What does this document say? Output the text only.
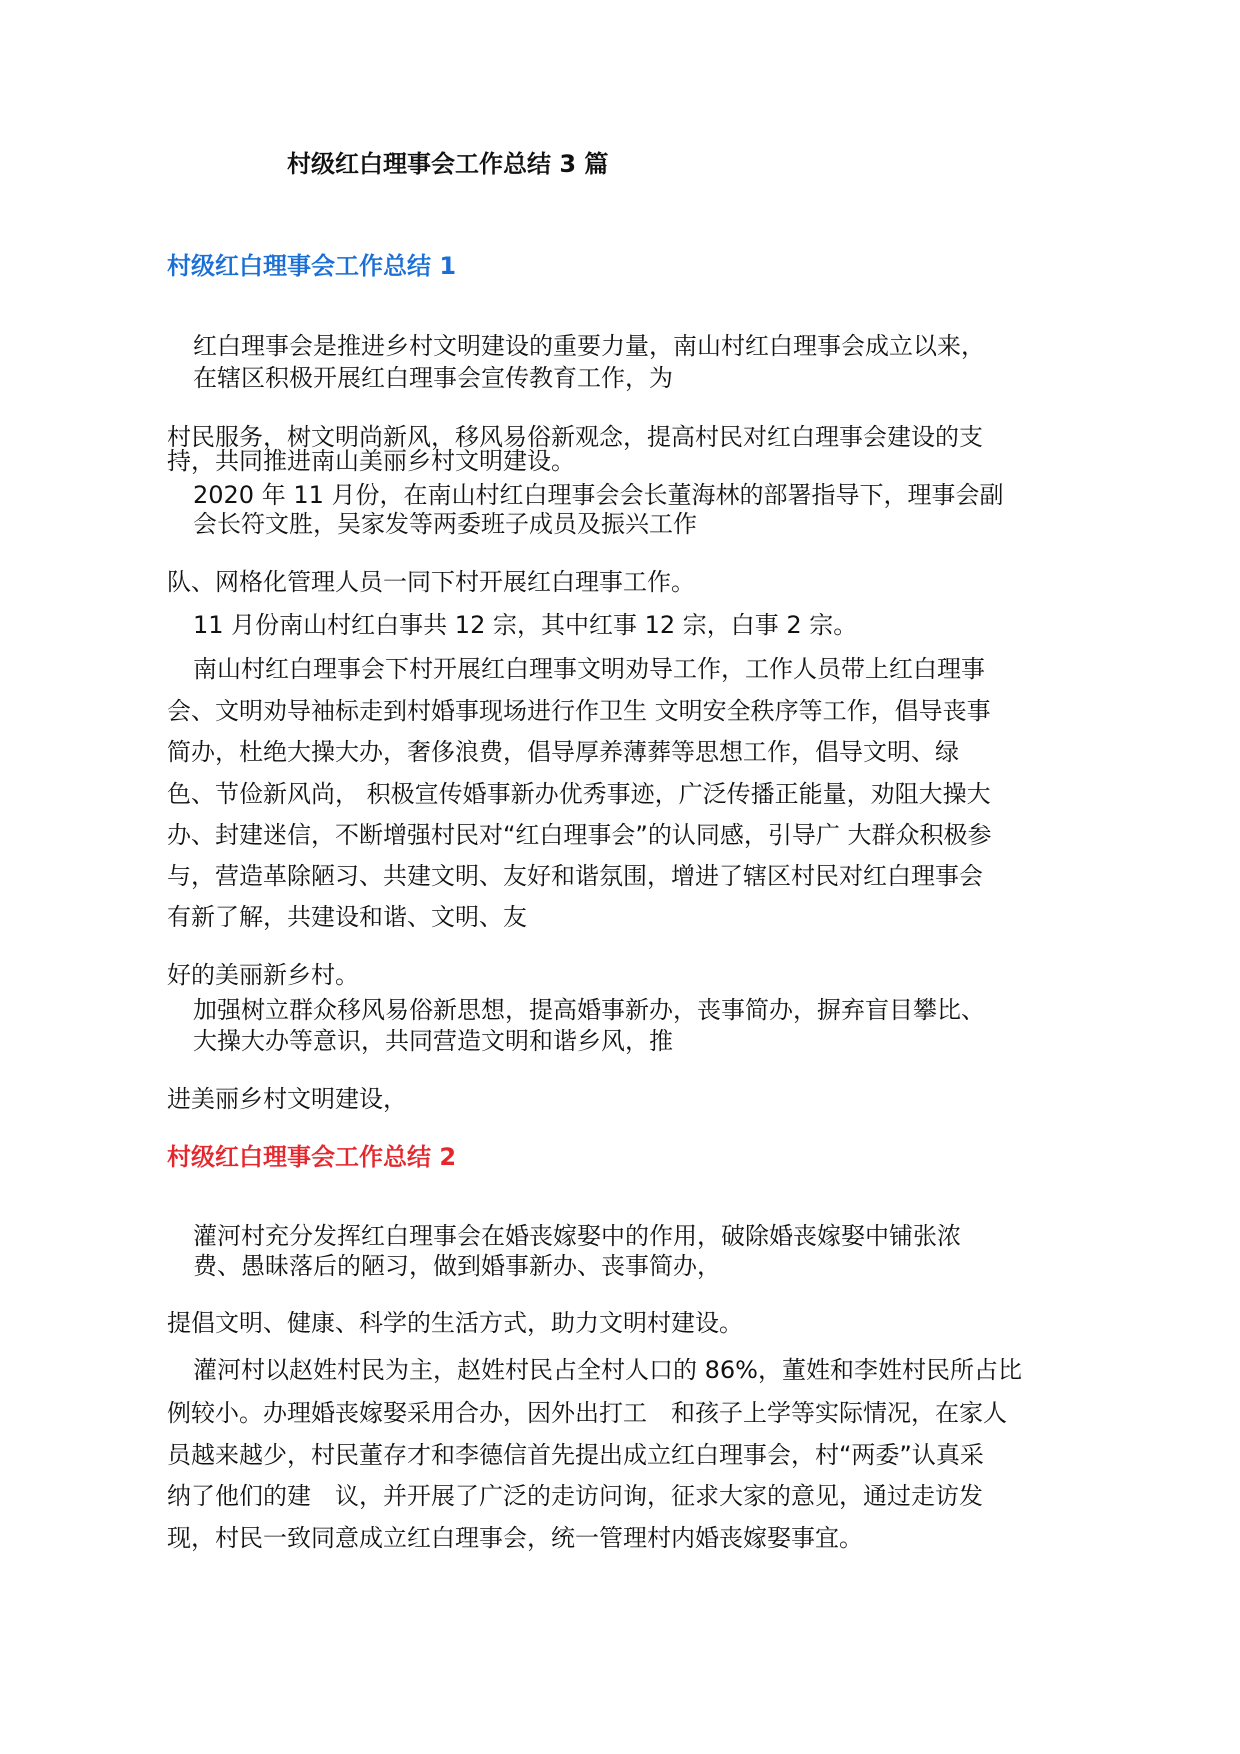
村级红白理事会工作总结 3 篇
村级红白理事会工作总结 1
红白理事会是推进乡村文明建设的重要力量，南山村红白理事会成立以来，
在辖区积极开展红白理事会宣传教育工作，为
村民服务，树文明尚新风，移风易俗新观念，提高村民对红白理事会建设的支
持，共同推进南山美丽乡村文明建设。
2020 年 11 月份，在南山村红白理事会会长董海林的部署指导下，理事会副
会长符文胜，吴家发等两委班子成员及振兴工作
队、网格化管理人员一同下村开展红白理事工作。
11 月份南山村红白事共 12 宗，其中红事 12 宗，白事 2 宗。
南山村红白理事会下村开展红白理事文明劝导工作，工作人员带上红白理事
会、文明劝导袖标走到村婚事现场进行作卫生 文明安全秩序等工作，倡导丧事
简办，杜绝大操大办，奢侈浪费，倡导厚养薄葬等思想工作，倡导文明、绿
色、节俭新风尚， 积极宣传婚事新办优秀事迹，广泛传播正能量，劝阻大操大
办、封建迷信，不断增强村民对“红白理事会”的认同感，引导广 大群众积极参
与，营造革除陋习、共建文明、友好和谐氛围，增进了辖区村民对红白理事会
有新了解，共建设和谐、文明、友
好的美丽新乡村。
加强树立群众移风易俗新思想，提高婚事新办，丧事简办，摒弃盲目攀比、
大操大办等意识，共同营造文明和谐乡风，推
进美丽乡村文明建设，
村级红白理事会工作总结 2
灌河村充分发挥红白理事会在婚丧嫁娶中的作用，破除婚丧嫁娶中铺张浓
费、愚昧落后的陋习，做到婚事新办、丧事简办，
提倡文明、健康、科学的生活方式，助力文明村建设。
灌河村以赵姓村民为主，赵姓村民占全村人口的 86%，董姓和李姓村民所占比
例较小。办理婚丧嫁娶采用合办，因外出打工　和孩子上学等实际情况，在家人
员越来越少，村民董存才和李德信首先提出成立红白理事会，村“两委”认真采
纳了他们的建　议，并开展了广泛的走访问询，征求大家的意见，通过走访发
现，村民一致同意成立红白理事会，统一管理村内婚丧嫁娶事宜。
